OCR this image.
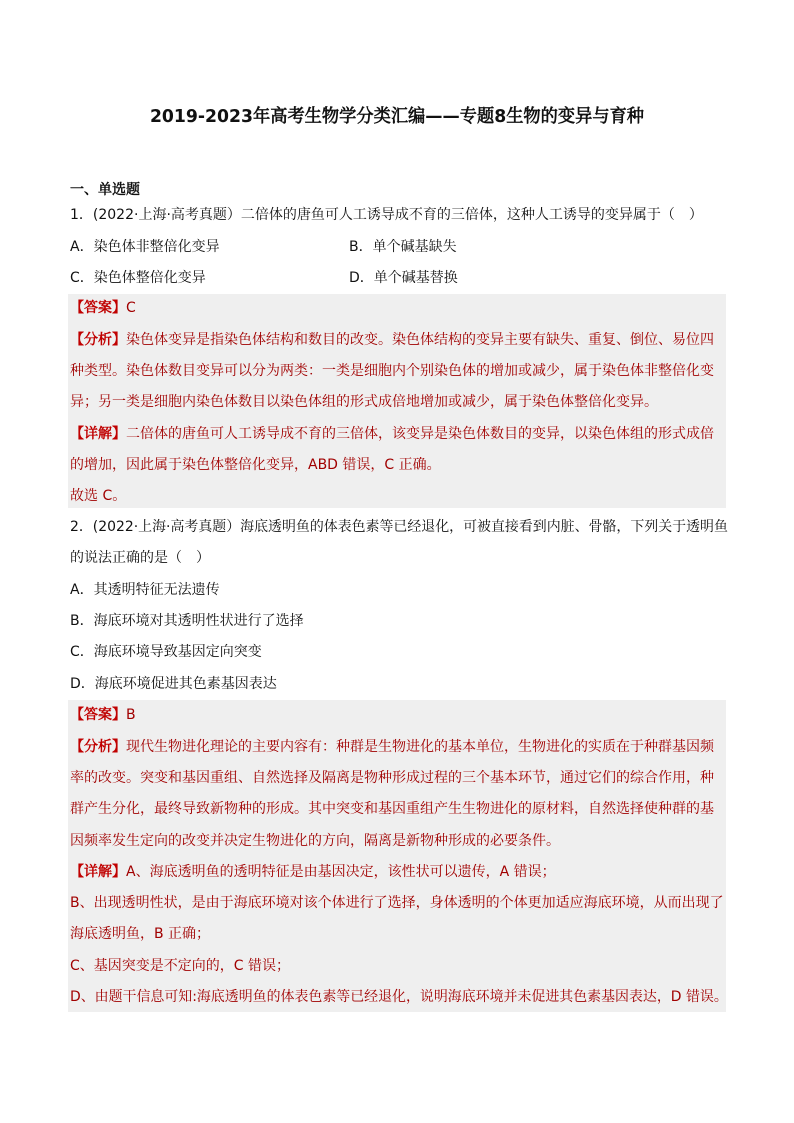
2019-2023年高考生物学分类汇编——专题8生物的变异与育种
一、单选题
1．(2022·上海·高考真题）二倍体的唐鱼可人工诱导成不育的三倍体，这种人工诱导的变异属于（　）
A．染色体非整倍化变异	B．单个碱基缺失
C．染色体整倍化变异	D．单个碱基替换
【答案】C
【分析】染色体变异是指染色体结构和数目的改变。染色体结构的变异主要有缺失、重复、倒位、易位四
种类型。染色体数目变异可以分为两类：一类是细胞内个别染色体的增加或减少，属于染色体非整倍化变
异；另一类是细胞内染色体数目以染色体组的形式成倍地增加或减少，属于染色体整倍化变异。
【详解】二倍体的唐鱼可人工诱导成不育的三倍体，该变异是染色体数目的变异，以染色体组的形式成倍
的增加，因此属于染色体整倍化变异，ABD 错误，C 正确。
故选 C。
2．(2022·上海·高考真题）海底透明鱼的体表色素等已经退化，可被直接看到内脏、骨骼，下列关于透明鱼
的说法正确的是（　）
A．其透明特征无法遗传
B．海底环境对其透明性状进行了选择
C．海底环境导致基因定向突变
D．海底环境促进其色素基因表达
【答案】B
【分析】现代生物进化理论的主要内容有：种群是生物进化的基本单位，生物进化的实质在于种群基因频
率的改变。突变和基因重组、自然选择及隔离是物种形成过程的三个基本环节，通过它们的综合作用，种
群产生分化，最终导致新物种的形成。其中突变和基因重组产生生物进化的原材料，自然选择使种群的基
因频率发生定向的改变并决定生物进化的方向，隔离是新物种形成的必要条件。
【详解】A、海底透明鱼的透明特征是由基因决定，该性状可以遗传，A 错误；
B、出现透明性状，是由于海底环境对该个体进行了选择，身体透明的个体更加适应海底环境，从而出现了
海底透明鱼，B 正确；
C、基因突变是不定向的，C 错误；
D、由题干信息可知:海底透明鱼的体表色素等已经退化，说明海底环境并未促进其色素基因表达，D 错误。
